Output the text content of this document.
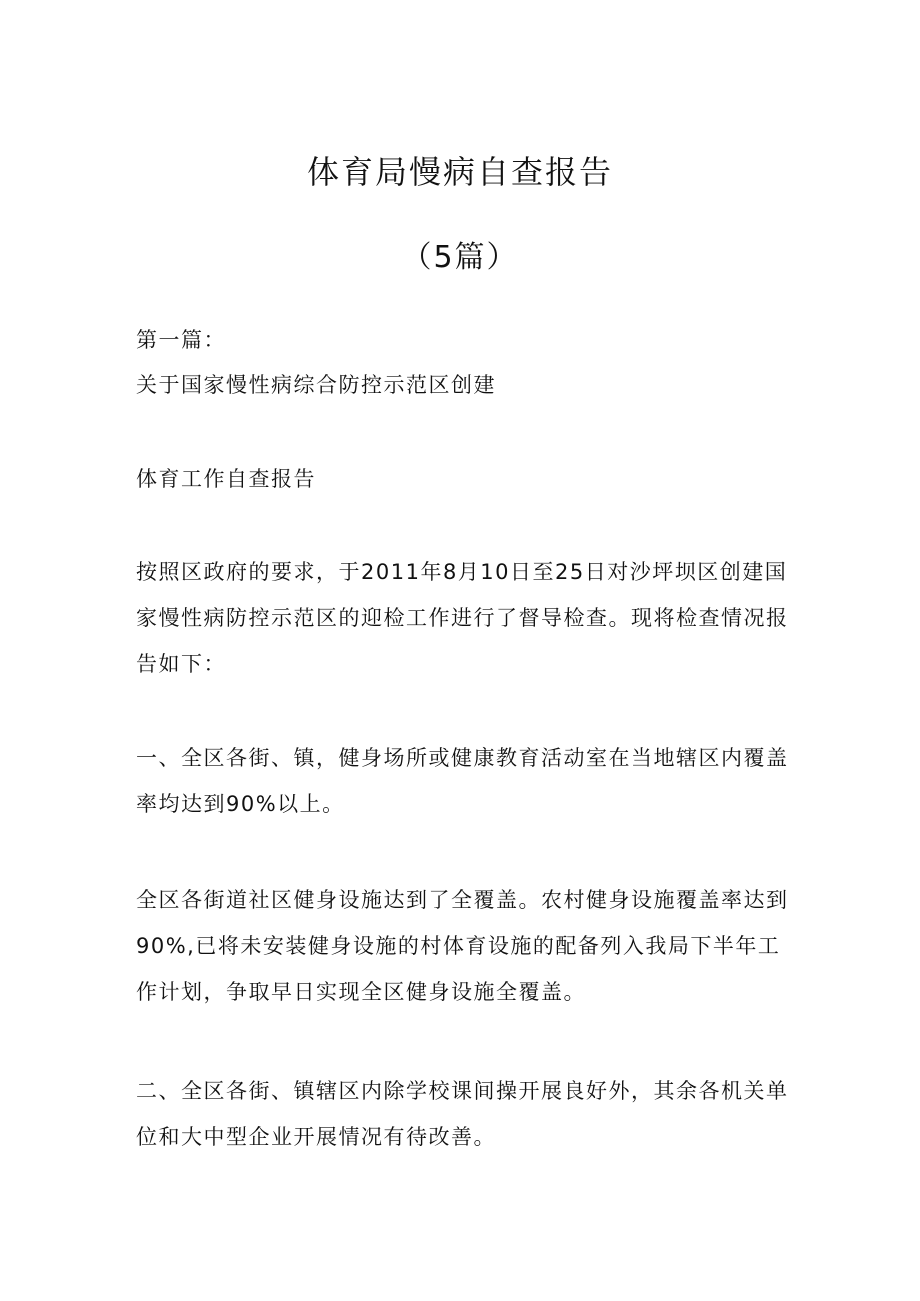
体育局慢病自查报告
（5篇）

第一篇：

关于国家慢性病综合防控示范区创建

体育工作自查报告

按照区政府的要求，于2011年8月10日至25日对沙坪坝区创建国家慢性病防控示范区的迎检工作进行了督导检查。现将检查情况报告如下：

一、全区各街、镇，健身场所或健康教育活动室在当地辖区内覆盖率均达到90%以上。

全区各街道社区健身设施达到了全覆盖。农村健身设施覆盖率达到90%,已将未安装健身设施的村体育设施的配备列入我局下半年工作计划，争取早日实现全区健身设施全覆盖。

二、全区各街、镇辖区内除学校课间操开展良好外，其余各机关单位和大中型企业开展情况有待改善。
